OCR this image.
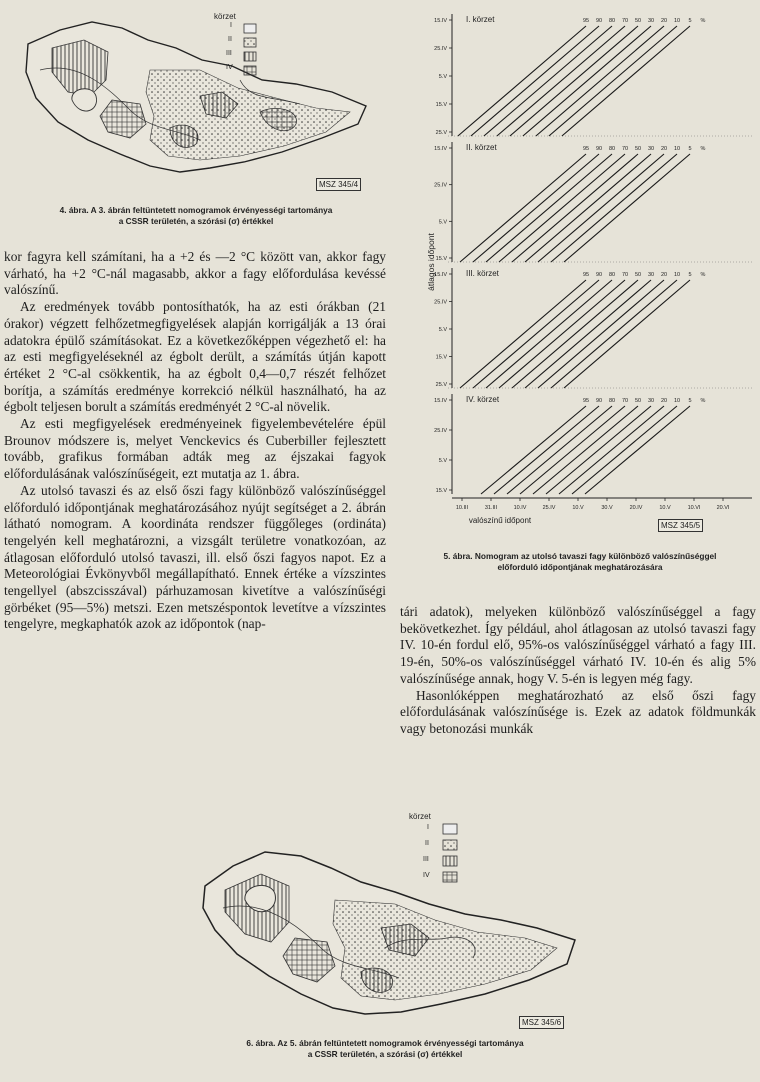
körzet
I
II
III
IV
MSZ 345/4
4. ábra. A 3. ábrán feltüntetett nomogramok érvényességi tartománya
a CSSR területén, a szórási (σ) értékkel
15.IV
25.IV
5.V
15.V
25.V
I. körzet	95 90 80 70 50 30 20 10 5 %
15.IV
25.IV
5.V
15.V
II. körzet	95 90 80 70 50 30 20 10 5 %
15.IV
25.IV
5.V
15.V
25.V
III. körzet	95 90 80 70 50 30 20 10 5 %
15.IV
25.IV
5.V
15.V
IV. körzet	95 90 80 70 50 30 20 10 5 %
10.III	31.III	10.IV	25.IV	10.V	30.V	20.IV	10.V	10.VI	20.VI
valószínű időpont
átlagos időpont
MSZ 345/5
5. ábra. Nomogram az utolsó tavaszi fagy különböző valószínűséggel
előforduló időpontjának meghatározására

kor fagyra kell számítani, ha a +2 és —2 °C között van, akkor fagy várható, ha +2 °C-nál magasabb, akkor a fagy előfordulása kevéssé valószínű.

Az eredmények tovább pontosíthatók, ha az esti órákban (21 órakor) végzett felhőzetmegfigyelések alapján korrigálják a 13 órai adatokra épülő számításokat. Ez a következőképpen végezhető el: ha az esti megfigyeléseknél az égbolt derült, a számítás útján kapott értéket 2 °C-al csökkentik, ha az égbolt 0,4—0,7 részét felhőzet borítja, a számítás eredménye korrekció nélkül használható, ha az égbolt teljesen borult a számítás eredményét 2 °C-al növelik.

Az esti megfigyelések eredményeinek figyelembevételére épül Brounov módszere is, melyet Venckevics és Cuberbiller fejlesztett tovább, grafikus formában adták meg az éjszakai fagyok előfordulásának valószínűségeit, ezt mutatja az 1. ábra.

Az utolsó tavaszi és az első őszi fagy különböző valószínűséggel előforduló időpontjának meghatározásához nyújt segítséget a 2. ábrán látható nomogram. A koordináta rendszer függőleges (ordináta) tengelyén kell meghatározni, a vizsgált területre vonatkozóan, az átlagosan előforduló utolsó tavaszi, ill. első őszi fagyos napot. Ez a Meteorológiai Évkönyvből megállapítható. Ennek értéke a vízszintes tengellyel (abszcisszával) párhuzamosan kivetítve a valószínűségi görbéket (95—5%) metszi. Ezen metszéspontok levetítve a vízszintes tengelyre, megkaphatók azok az időpontok (nap-

tári adatok), melyeken különböző valószínűséggel a fagy bekövetkezhet. Így például, ahol átlagosan az utolsó tavaszi fagy IV. 10-én fordul elő, 95%-os valószínűséggel várható a fagy III. 19-én, 50%-os valószínűséggel várható IV. 10-én és alig 5% valószínűsége annak, hogy V. 5-én is legyen még fagy.

Hasonlóképpen meghatározható az első őszi fagy előfordulásának valószínűsége is. Ezek az adatok földmunkák vagy betonozási munkák

körzet
I
II
III
IV
MSZ 345/6
6. ábra. Az 5. ábrán feltüntetett nomogramok érvényességi tartománya
a CSSR területén, a szórási (σ) értékkel
